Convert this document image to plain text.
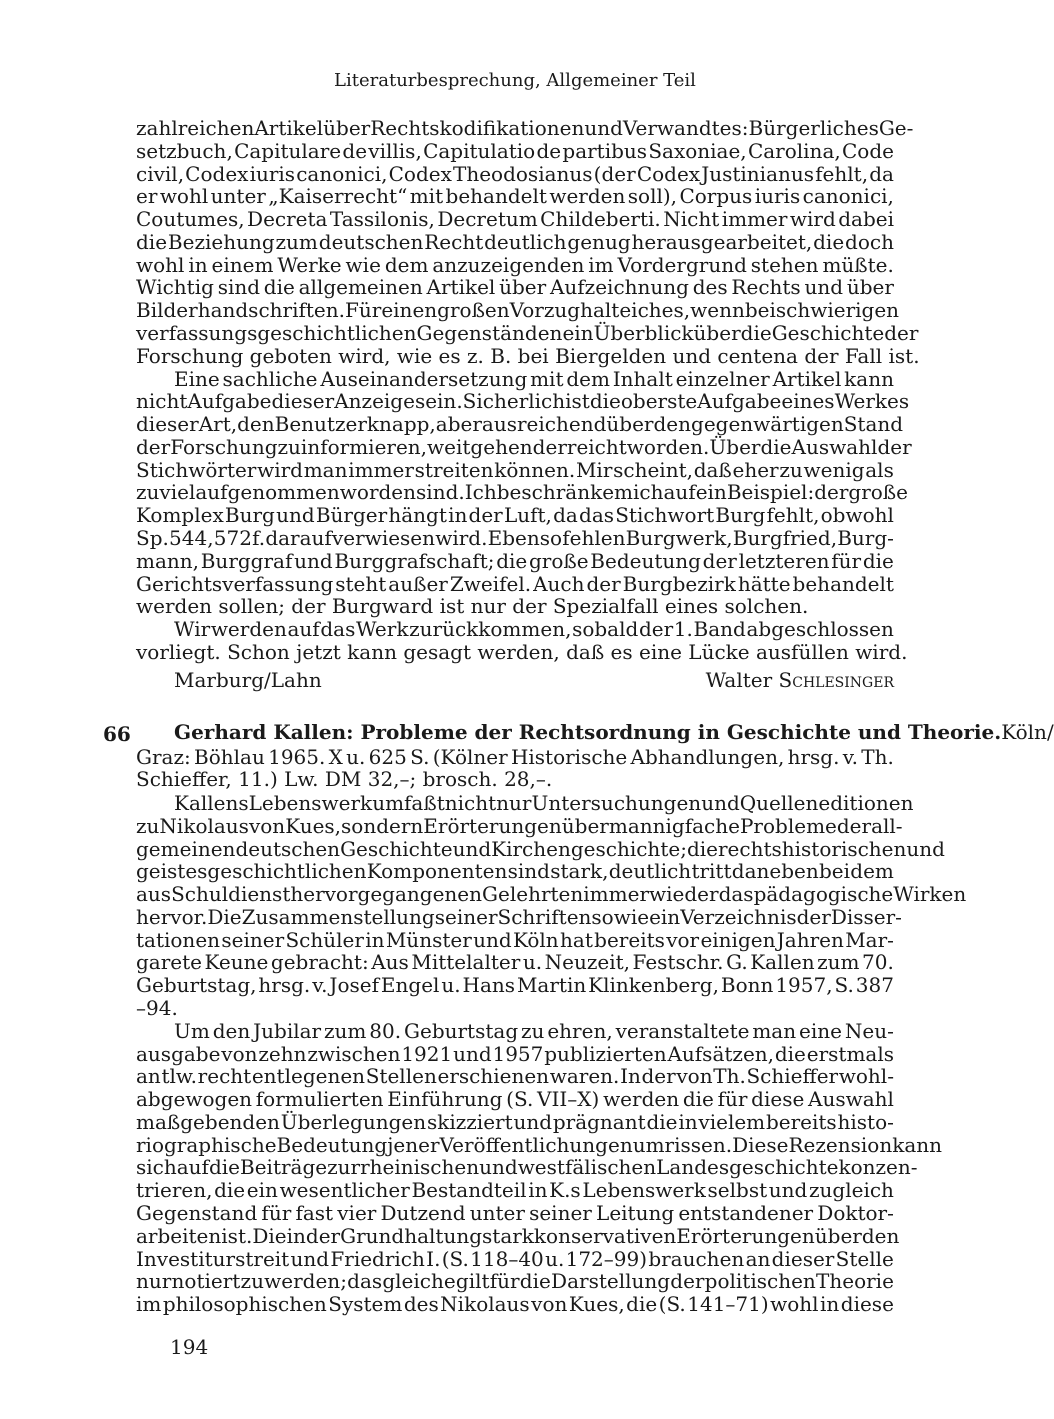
Literaturbesprechung, Allgemeiner Teil
zahlreichen Artikel über Rechtskodifikationen und Verwandtes: Bürgerliches Ge-
setzbuch, Capitulare de villis, Capitulatio de partibus Saxoniae, Carolina, Code
civil, Codex iuris canonici, Codex Theodosianus (der Codex Justinianus fehlt, da
er wohl unter „Kaiserrecht“ mit behandelt werden soll), Corpus iuris canonici,
Coutumes, Decreta Tassilonis, Decretum Childeberti. Nicht immer wird dabei
die Beziehung zum deutschen Recht deutlich genug herausgearbeitet, die doch
wohl in einem Werke wie dem anzuzeigenden im Vordergrund stehen müßte.
Wichtig sind die allgemeinen Artikel über Aufzeichnung des Rechts und über
Bilderhandschriften. Für einen großen Vorzug halte ich es, wenn bei schwierigen
verfassungsgeschichtlichen Gegenständen ein Überblick über die Geschichte der
Forschung geboten wird, wie es z. B. bei Biergelden und centena der Fall ist.
Eine sachliche Auseinandersetzung mit dem Inhalt einzelner Artikel kann
nicht Aufgabe dieser Anzeige sein. Sicherlich ist die oberste Aufgabe eines Werkes
dieser Art, den Benutzer knapp, aber ausreichend über den gegenwärtigen Stand
der Forschung zu informieren, weitgehend erreicht worden. Über die Auswahl der
Stichwörter wird man immer streiten können. Mir scheint, daß eher zu wenig als
zuviel aufgenommen worden sind. Ich beschränke mich auf ein Beispiel: der große
Komplex Burg und Bürger hängt in der Luft, da das Stichwort Burg fehlt, obwohl
Sp. 544, 572 f. darauf verwiesen wird. Ebenso fehlen Burgwerk, Burgfried, Burg-
mann, Burggraf und Burggrafschaft; die große Bedeutung der letzteren für die
Gerichtsverfassung steht außer Zweifel. Auch der Burgbezirk hätte behandelt
werden sollen; der Burgward ist nur der Spezialfall eines solchen.
Wir werden auf das Werk zurückkommen, sobald der 1. Band abgeschlossen
vorliegt. Schon jetzt kann gesagt werden, daß es eine Lücke ausfüllen wird.
Marburg/Lahn	Walter Schlesinger
66 Gerhard Kallen: Probleme der Rechtsordnung in Geschichte und Theorie. Köln/
Graz: Böhlau 1965. X u. 625 S. (Kölner Historische Abhandlungen, hrsg. v. Th.
Schieffer, 11.) Lw. DM 32,–; brosch. 28,–.
Kallens Lebenswerk umfaßt nicht nur Untersuchungen und Quelleneditionen
zu Nikolaus von Kues, sondern Erörterungen über mannigfache Probleme der all-
gemeinen deutschen Geschichte und Kirchengeschichte; die rechtshistorischen und
geistesgeschichtlichen Komponenten sind stark, deutlich tritt daneben bei dem
aus Schuldienst hervorgegangenen Gelehrten immer wieder das pädagogische Wirken
hervor. Die Zusammenstellung seiner Schriften sowie ein Verzeichnis der Disser-
tationen seiner Schüler in Münster und Köln hat bereits vor einigen Jahren Mar-
garete Keune gebracht: Aus Mittelalter u. Neuzeit, Festschr. G. Kallen zum 70.
Geburtstag, hrsg. v. Josef Engel u. Hans Martin Klinkenberg, Bonn 1957, S. 387
–94.
Um den Jubilar zum 80. Geburtstag zu ehren, veranstaltete man eine Neu-
ausgabe von zehn zwischen 1921 und 1957 publizierten Aufsätzen, die erstmals
an tlw. recht entlegenen Stellen erschienen waren. In der von Th. Schieffer wohl-
abgewogen formulierten Einführung (S. VII–X) werden die für diese Auswahl
maßgebenden Überlegungen skizziert und prägnant die in vielem bereits histo-
riographische Bedeutung jener Veröffentlichungen umrissen. Diese Rezension kann
sich auf die Beiträge zur rheinischen und westfälischen Landesgeschichte konzen-
trieren, die ein wesentlicher Bestandteil in K.s Lebenswerk selbst und zugleich
Gegenstand für fast vier Dutzend unter seiner Leitung entstandener Doktor-
arbeiten ist. Die in der Grundhaltung stark konservativen Erörterungen über den
Investiturstreit und Friedrich I. (S. 118–40 u. 172–99) brauchen an dieser Stelle
nur notiert zu werden; das gleiche gilt für die Darstellung der politischen Theorie
im philosophischen System des Nikolaus von Kues, die (S. 141–71) wohl in diese
194
